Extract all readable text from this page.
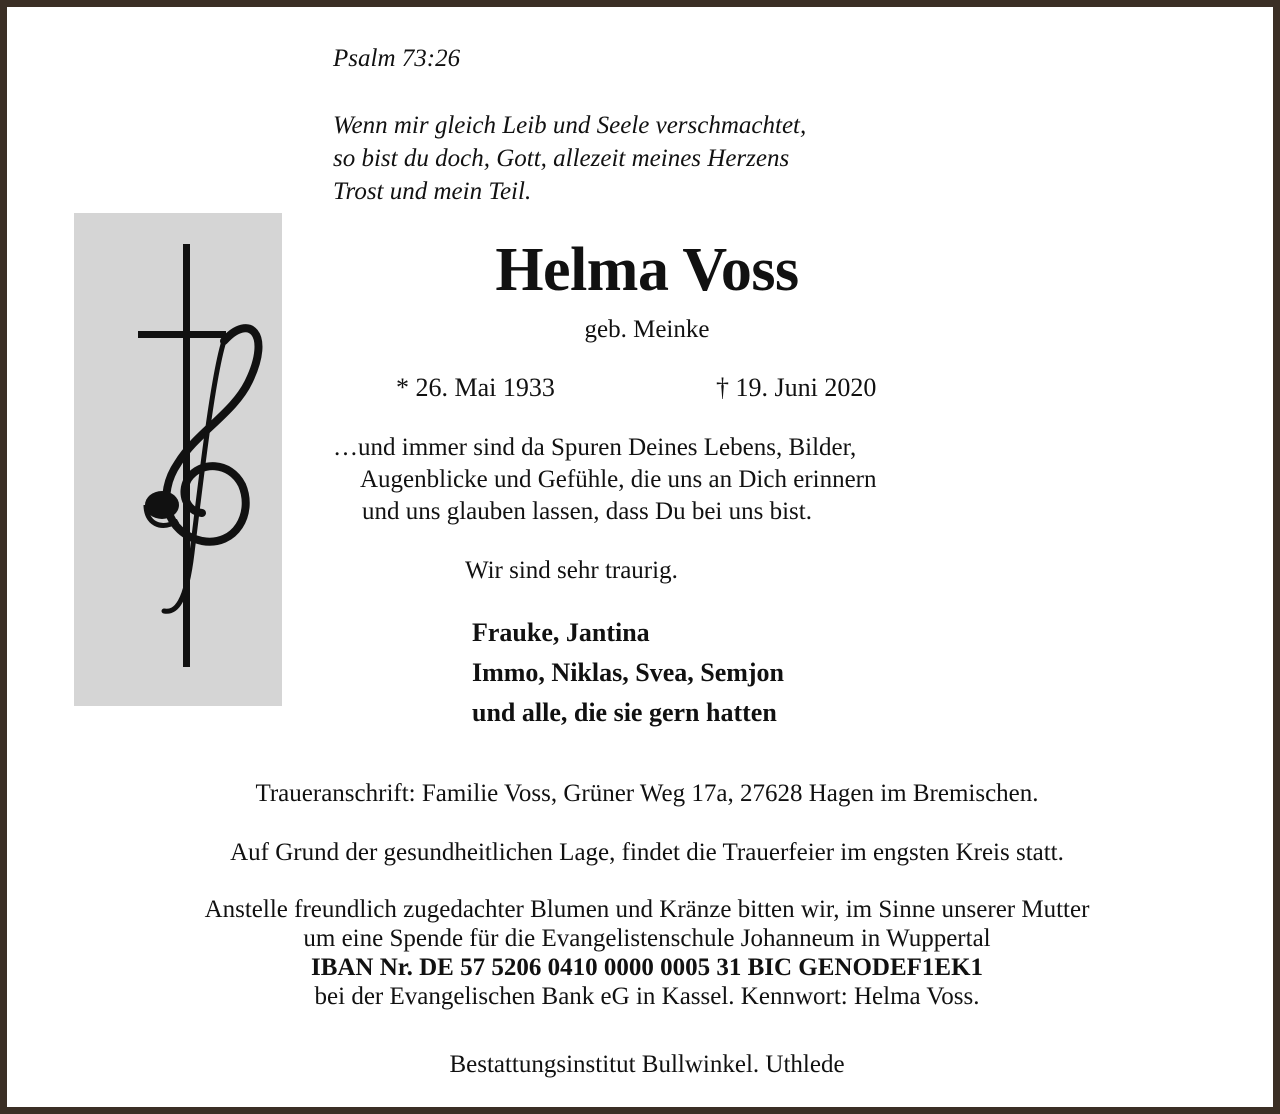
Psalm 73:26
Wenn mir gleich Leib und Seele verschmachtet,
so bist du doch, Gott, allezeit meines Herzens
Trost und mein Teil.
Helma Voss
geb. Meinke
* 26. Mai 1933	† 19. Juni 2020
…und immer sind da Spuren Deines Lebens, Bilder,
Augenblicke und Gefühle, die uns an Dich erinnern
und uns glauben lassen, dass Du bei uns bist.
Wir sind sehr traurig.
Frauke, Jantina
Immo, Niklas, Svea, Semjon
und alle, die sie gern hatten
Traueranschrift: Familie Voss, Grüner Weg 17a, 27628 Hagen im Bremischen.
Auf Grund der gesundheitlichen Lage, findet die Trauerfeier im engsten Kreis statt.
Anstelle freundlich zugedachter Blumen und Kränze bitten wir, im Sinne unserer Mutter
um eine Spende für die Evangelistenschule Johanneum in Wuppertal
IBAN Nr. DE 57 5206 0410 0000 0005 31 BIC GENODEF1EK1
bei der Evangelischen Bank eG in Kassel. Kennwort: Helma Voss.
Bestattungsinstitut Bullwinkel. Uthlede
